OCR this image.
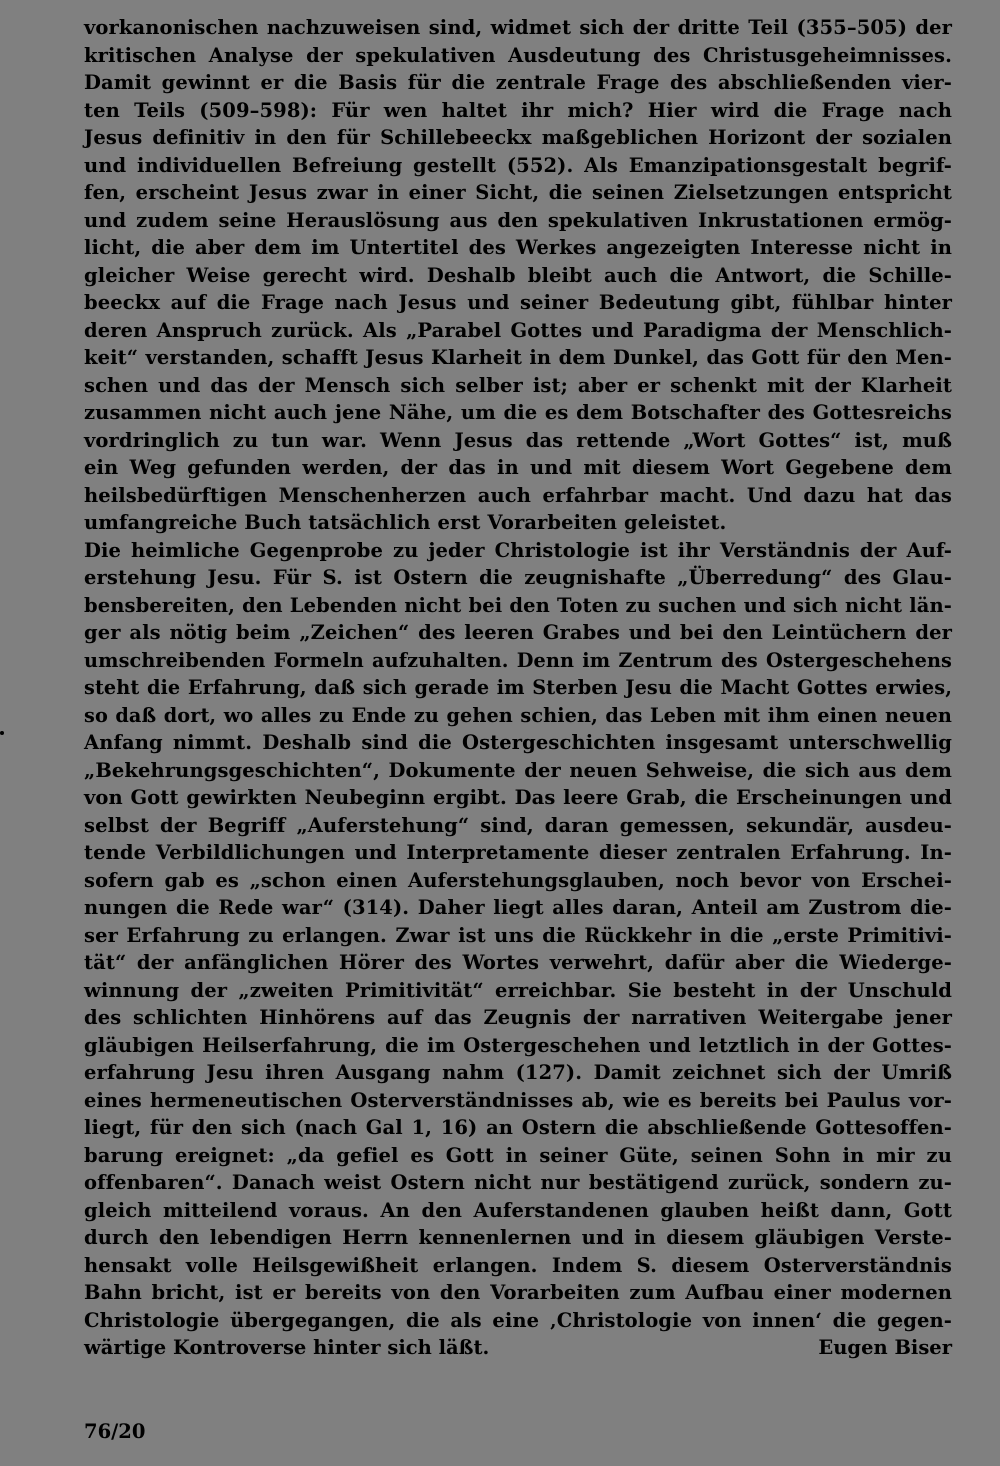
vorkanonischen nachzuweisen sind, widmet sich der dritte Teil (355–505) der
kritischen Analyse der spekulativen Ausdeutung des Christusgeheimnisses.
Damit gewinnt er die Basis für die zentrale Frage des abschließenden vier-
ten Teils (509–598): Für wen haltet ihr mich? Hier wird die Frage nach
Jesus definitiv in den für Schillebeeckx maßgeblichen Horizont der sozialen
und individuellen Befreiung gestellt (552). Als Emanzipationsgestalt begrif-
fen, erscheint Jesus zwar in einer Sicht, die seinen Zielsetzungen entspricht
und zudem seine Herauslösung aus den spekulativen Inkrustationen ermög-
licht, die aber dem im Untertitel des Werkes angezeigten Interesse nicht in
gleicher Weise gerecht wird. Deshalb bleibt auch die Antwort, die Schille-
beeckx auf die Frage nach Jesus und seiner Bedeutung gibt, fühlbar hinter
deren Anspruch zurück. Als „Parabel Gottes und Paradigma der Menschlich-
keit“ verstanden, schafft Jesus Klarheit in dem Dunkel, das Gott für den Men-
schen und das der Mensch sich selber ist; aber er schenkt mit der Klarheit
zusammen nicht auch jene Nähe, um die es dem Botschafter des Gottesreichs
vordringlich zu tun war. Wenn Jesus das rettende „Wort Gottes“ ist, muß
ein Weg gefunden werden, der das in und mit diesem Wort Gegebene dem
heilsbedürftigen Menschenherzen auch erfahrbar macht. Und dazu hat das
umfangreiche Buch tatsächlich erst Vorarbeiten geleistet.
Die heimliche Gegenprobe zu jeder Christologie ist ihr Verständnis der Auf-
erstehung Jesu. Für S. ist Ostern die zeugnishafte „Überredung“ des Glau-
bensbereiten, den Lebenden nicht bei den Toten zu suchen und sich nicht län-
ger als nötig beim „Zeichen“ des leeren Grabes und bei den Leintüchern der
umschreibenden Formeln aufzuhalten. Denn im Zentrum des Ostergeschehens
steht die Erfahrung, daß sich gerade im Sterben Jesu die Macht Gottes erwies,
so daß dort, wo alles zu Ende zu gehen schien, das Leben mit ihm einen neuen
Anfang nimmt. Deshalb sind die Ostergeschichten insgesamt unterschwellig
„Bekehrungsgeschichten“, Dokumente der neuen Sehweise, die sich aus dem
von Gott gewirkten Neubeginn ergibt. Das leere Grab, die Erscheinungen und
selbst der Begriff „Auferstehung“ sind, daran gemessen, sekundär, ausdeu-
tende Verbildlichungen und Interpretamente dieser zentralen Erfahrung. In-
sofern gab es „schon einen Auferstehungsglauben, noch bevor von Erschei-
nungen die Rede war“ (314). Daher liegt alles daran, Anteil am Zustrom die-
ser Erfahrung zu erlangen. Zwar ist uns die Rückkehr in die „erste Primitivi-
tät“ der anfänglichen Hörer des Wortes verwehrt, dafür aber die Wiederge-
winnung der „zweiten Primitivität“ erreichbar. Sie besteht in der Unschuld
des schlichten Hinhörens auf das Zeugnis der narrativen Weitergabe jener
gläubigen Heilserfahrung, die im Ostergeschehen und letztlich in der Gottes-
erfahrung Jesu ihren Ausgang nahm (127). Damit zeichnet sich der Umriß
eines hermeneutischen Osterverständnisses ab, wie es bereits bei Paulus vor-
liegt, für den sich (nach Gal 1, 16) an Ostern die abschließende Gottesoffen-
barung ereignet: „da gefiel es Gott in seiner Güte, seinen Sohn in mir zu
offenbaren“. Danach weist Ostern nicht nur bestätigend zurück, sondern zu-
gleich mitteilend voraus. An den Auferstandenen glauben heißt dann, Gott
durch den lebendigen Herrn kennenlernen und in diesem gläubigen Verste-
hensakt volle Heilsgewißheit erlangen. Indem S. diesem Osterverständnis
Bahn bricht, ist er bereits von den Vorarbeiten zum Aufbau einer modernen
Christologie übergegangen, die als eine ‚Christologie von innen‘ die gegen-
wärtige Kontroverse hinter sich läßt.	Eugen Biser
76/20
